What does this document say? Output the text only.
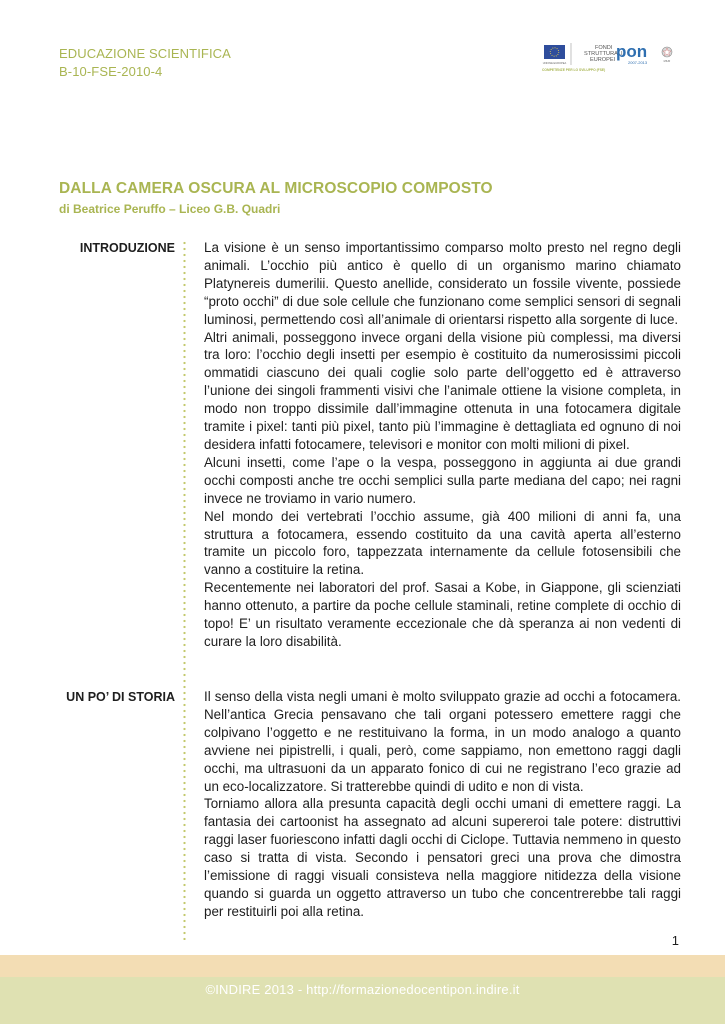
EDUCAZIONE SCIENTIFICA
B-10-FSE-2010-4
UNIONE EUROPEA
FONDI
STRUTTURALI
EUROPEI pon
2007-2013	MIUR
COMPETENZE PER LO SVILUPPO (FSE)
DALLA CAMERA OSCURA AL MICROSCOPIO COMPOSTO
di Beatrice Peruffo – Liceo G.B. Quadri
INTRODUZIONE La visione è un senso importantissimo comparso molto presto nel regno degli animali. L’occhio più antico è quello di un organismo marino chiamato Platynereis dumerilii. Questo anellide, considerato un fossile vivente, possiede “proto occhi” di due sole cellule che funzionano come semplici sensori di segnali luminosi, permettendo così all’animale di orientarsi rispetto alla sorgente di luce.

Altri animali, posseggono invece organi della visione più complessi, ma diversi tra loro: l’occhio degli insetti per esempio è costituito da numerosissimi piccoli ommatidi ciascuno dei quali coglie solo parte dell’oggetto ed è attraverso l’unione dei singoli frammenti visivi che l’animale ottiene la visione completa, in modo non troppo dissimile dall’immagine ottenuta in una fotocamera digitale tramite i pixel: tanti più pixel, tanto più l’immagine è dettagliata ed ognuno di noi desidera infatti fotocamere, televisori e monitor con molti milioni di pixel.

Alcuni insetti, come l’ape o la vespa, posseggono in aggiunta ai due grandi occhi composti anche tre occhi semplici sulla parte mediana del capo; nei ragni invece ne troviamo in vario numero.

Nel mondo dei vertebrati l’occhio assume, già 400 milioni di anni fa, una struttura a fotocamera, essendo costituito da una cavità aperta all’esterno tramite un piccolo foro, tappezzata internamente da cellule fotosensibili che vanno a costituire la retina.

Recentemente nei laboratori del prof. Sasai a Kobe, in Giappone, gli scienziati hanno ottenuto, a partire da poche cellule staminali, retine complete di occhio di topo! E’ un risultato veramente eccezionale che dà speranza ai non vedenti di curare la loro disabilità.

UN PO’ DI STORIA Il senso della vista negli umani è molto sviluppato grazie ad occhi a fotocamera. Nell’antica Grecia pensavano che tali organi potessero emettere raggi che colpivano l’oggetto e ne restituivano la forma, in un modo analogo a quanto avviene nei pipistrelli, i quali, però, come sappiamo, non emettono raggi dagli occhi, ma ultrasuoni da un apparato fonico di cui ne registrano l’eco grazie ad un eco-localizzatore. Si tratterebbe quindi di udito e non di vista.

Torniamo allora alla presunta capacità degli occhi umani di emettere raggi. La fantasia dei cartoonist ha assegnato ad alcuni supereroi tale potere: distruttivi raggi laser fuoriescono infatti dagli occhi di Ciclope. Tuttavia nemmeno in questo caso si tratta di vista. Secondo i pensatori greci una prova che dimostra l’emissione di raggi visuali consisteva nella maggiore nitidezza della visione quando si guarda un oggetto attraverso un tubo che concentrerebbe tali raggi per restituirli poi alla retina.

1
©INDIRE 2013 - http://formazionedocentipon.indire.it
